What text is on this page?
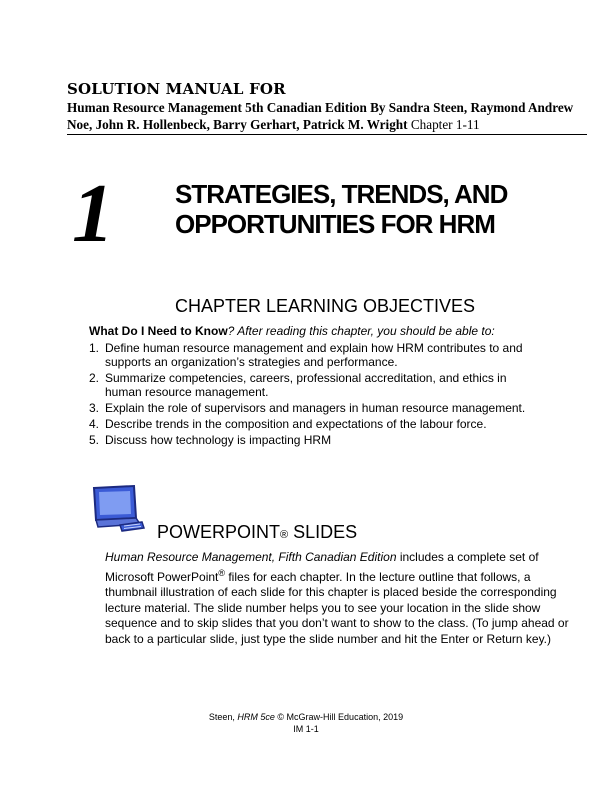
SOLUTION MANUAL FOR
Human Resource Management 5th Canadian Edition By Sandra Steen, Raymond Andrew Noe, John R. Hollenbeck, Barry Gerhart, Patrick M. Wright Chapter 1-11
1 STRATEGIES, TRENDS, AND OPPORTUNITIES FOR HRM
CHAPTER LEARNING OBJECTIVES
What Do I Need to Know? After reading this chapter, you should be able to:
1. Define human resource management and explain how HRM contributes to and supports an organization’s strategies and performance.
2. Summarize competencies, careers, professional accreditation, and ethics in human resource management.
3. Explain the role of supervisors and managers in human resource management.
4. Describe trends in the composition and expectations of the labour force.
5. Discuss how technology is impacting HRM
POWERPOINT® SLIDES
Human Resource Management, Fifth Canadian Edition includes a complete set of Microsoft PowerPoint® files for each chapter. In the lecture outline that follows, a thumbnail illustration of each slide for this chapter is placed beside the corresponding lecture material. The slide number helps you to see your location in the slide show sequence and to skip slides that you don’t want to show to the class. (To jump ahead or back to a particular slide, just type the slide number and hit the Enter or Return key.)
Steen, HRM 5ce © McGraw-Hill Education, 2019
IM 1-1
